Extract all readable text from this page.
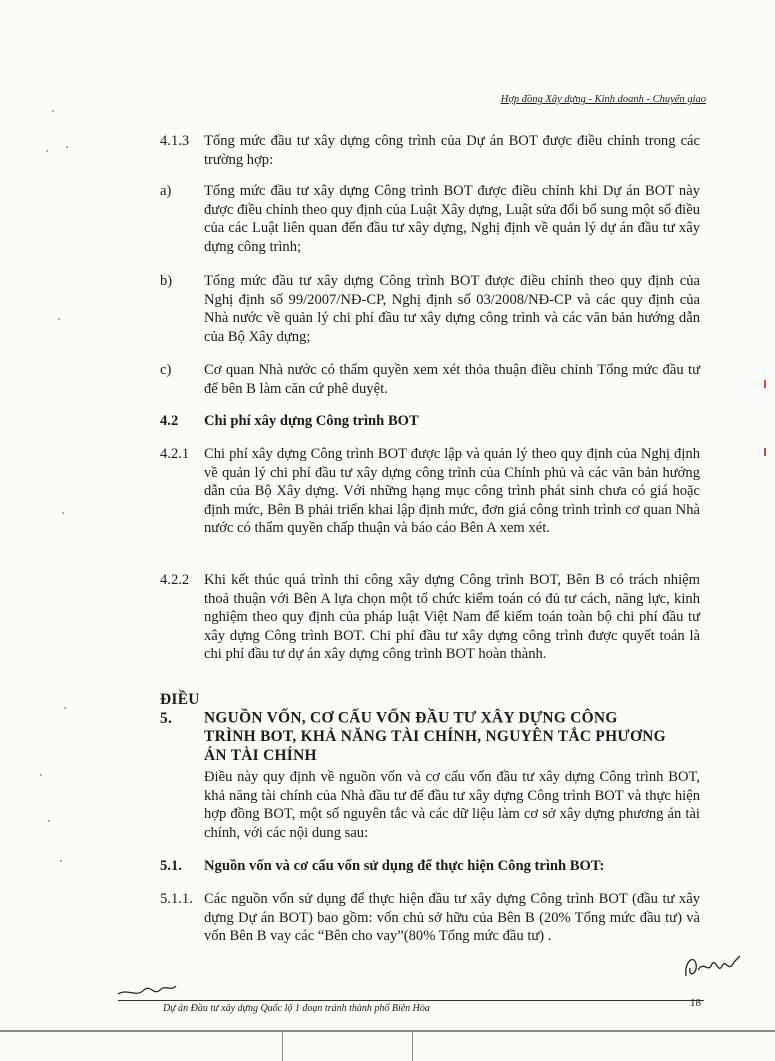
Hợp đồng Xây dựng - Kinh doanh - Chuyển giao
4.1.3 Tổng mức đầu tư xây dựng công trình của Dự án BOT được điều chỉnh trong các trường hợp:
a) Tổng mức đầu tư xây dựng Công trình BOT được điều chỉnh khi Dự án BOT này được điều chỉnh theo quy định của Luật Xây dựng, Luật sửa đổi bổ sung một số điều của các Luật liên quan đến đầu tư xây dựng, Nghị định về quản lý dự án đầu tư xây dựng công trình;
b) Tổng mức đầu tư xây dựng Công trình BOT được điều chỉnh theo quy định của Nghị định số 99/2007/NĐ-CP, Nghị định số 03/2008/NĐ-CP và các quy định của Nhà nước về quản lý chi phí đầu tư xây dựng công trình và các văn bản hướng dẫn của Bộ Xây dựng;
c) Cơ quan Nhà nước có thẩm quyền xem xét thỏa thuận điều chỉnh Tổng mức đầu tư để bên B làm căn cứ phê duyệt.
4.2 Chi phí xây dựng Công trình BOT
4.2.1 Chi phí xây dựng Công trình BOT được lập và quản lý theo quy định của Nghị định về quản lý chi phí đầu tư xây dựng công trình của Chính phủ và các văn bản hướng dẫn của Bộ Xây dựng. Với những hạng mục công trình phát sinh chưa có giá hoặc định mức, Bên B phải triển khai lập định mức, đơn giá công trình trình cơ quan Nhà nước có thẩm quyền chấp thuận và báo cáo Bên A xem xét.
4.2.2 Khi kết thúc quá trình thi công xây dựng Công trình BOT, Bên B có trách nhiệm thoả thuận với Bên A lựa chọn một tổ chức kiểm toán có đủ tư cách, năng lực, kinh nghiệm theo quy định của pháp luật Việt Nam để kiểm toán toàn bộ chi phí đầu tư xây dựng Công trình BOT. Chi phí đầu tư xây dựng công trình được quyết toán là chi phí đầu tư dự án xây dựng công trình BOT hoàn thành.
ĐIỀU 5. NGUỒN VỐN, CƠ CẤU VỐN ĐẦU TƯ XÂY DỰNG CÔNG
TRÌNH BOT, KHẢ NĂNG TÀI CHÍNH, NGUYÊN TẮC PHƯƠNG
ÁN TÀI CHÍNH
Điều này quy định về nguồn vốn và cơ cấu vốn đầu tư xây dựng Công trình BOT, khả năng tài chính của Nhà đầu tư để đầu tư xây dựng Công trình BOT và thực hiện hợp đồng BOT, một số nguyên tắc và các dữ liệu làm cơ sở xây dựng phương án tài chính, với các nội dung sau:
5.1. Nguồn vốn và cơ cấu vốn sử dụng để thực hiện Công trình BOT:
5.1.1. Các nguồn vốn sử dụng để thực hiện đầu tư xây dựng Công trình BOT (đầu tư xây dựng Dự án BOT) bao gồm: vốn chủ sở hữu của Bên B (20% Tổng mức đầu tư) và vốn Bên B vay các “Bên cho vay”(80% Tổng mức đầu tư) .
Dự án Đầu tư xây dựng Quốc lộ 1 đoạn tránh thành phố Biên Hòa	18
